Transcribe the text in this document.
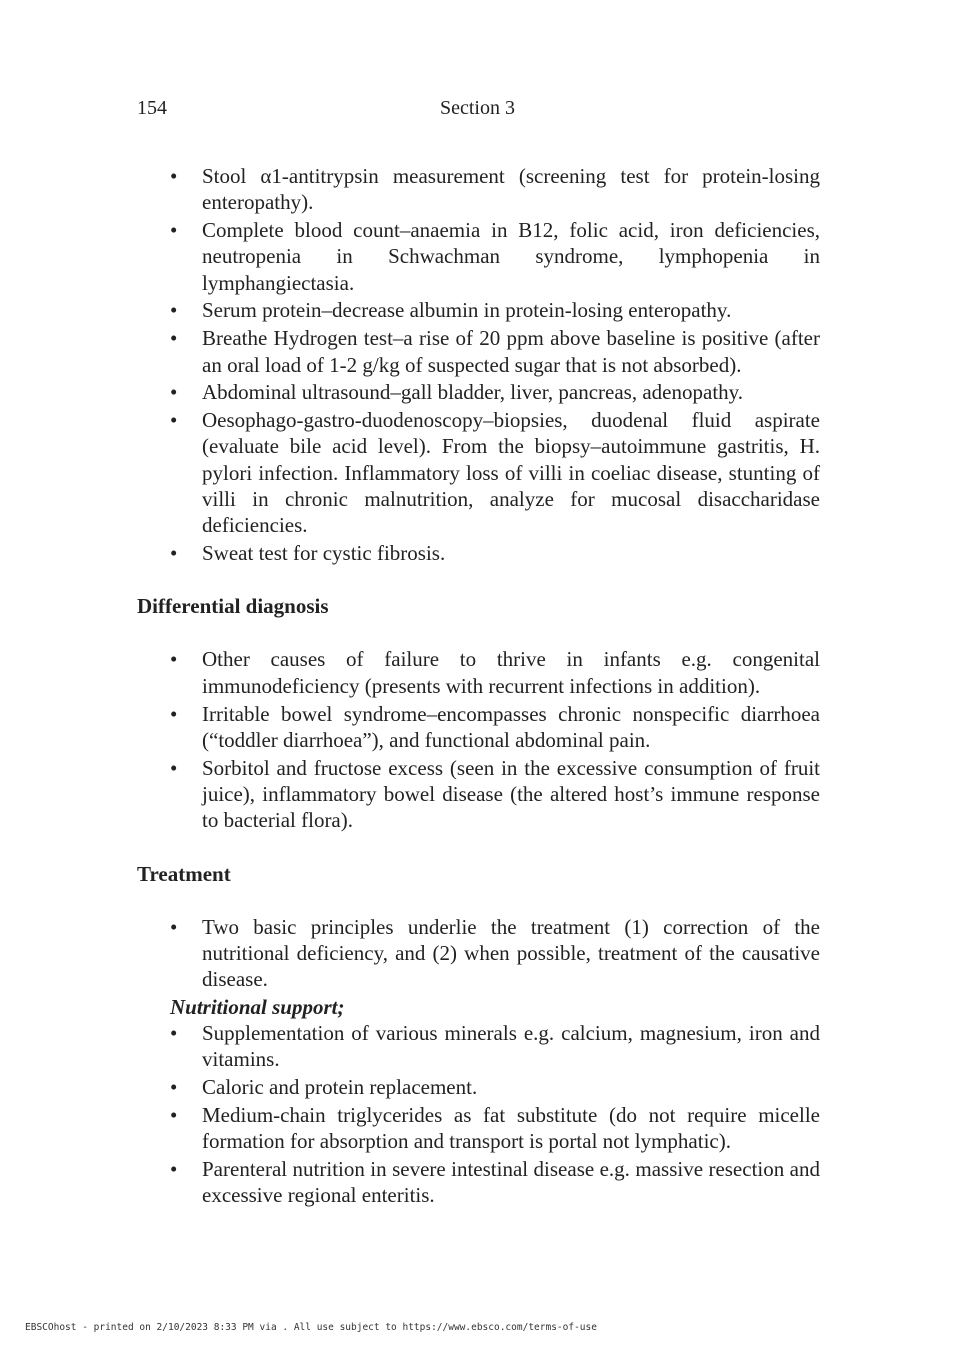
154	Section 3
• Stool α1-antitrypsin measurement (screening test for protein-losing enteropathy).
• Complete blood count–anaemia in B12, folic acid, iron deficiencies, neutropenia in Schwachman syndrome, lymphopenia in lymphangiectasia.
• Serum protein–decrease albumin in protein-losing enteropathy.
• Breathe Hydrogen test–a rise of 20 ppm above baseline is positive (after an oral load of 1-2 g/kg of suspected sugar that is not absorbed).
• Abdominal ultrasound–gall bladder, liver, pancreas, adenopathy.
• Oesophago-gastro-duodenoscopy–biopsies, duodenal fluid aspirate (evaluate bile acid level). From the biopsy–autoimmune gastritis, H. pylori infection. Inflammatory loss of villi in coeliac disease, stunting of villi in chronic malnutrition, analyze for mucosal disaccharidase deficiencies.
• Sweat test for cystic fibrosis.

Differential diagnosis

• Other causes of failure to thrive in infants e.g. congenital immunodeficiency (presents with recurrent infections in addition).
• Irritable bowel syndrome–encompasses chronic nonspecific diarrhoea (“toddler diarrhoea”), and functional abdominal pain.
• Sorbitol and fructose excess (seen in the excessive consumption of fruit juice), inflammatory bowel disease (the altered host’s immune response to bacterial flora).

Treatment

• Two basic principles underlie the treatment (1) correction of the nutritional deficiency, and (2) when possible, treatment of the causative disease.

Nutritional support;

• Supplementation of various minerals e.g. calcium, magnesium, iron and vitamins.
• Caloric and protein replacement.
• Medium-chain triglycerides as fat substitute (do not require micelle formation for absorption and transport is portal not lymphatic).
• Parenteral nutrition in severe intestinal disease e.g. massive resection and excessive regional enteritis.
EBSCOhost - printed on 2/10/2023 8:33 PM via . All use subject to https://www.ebsco.com/terms-of-use
